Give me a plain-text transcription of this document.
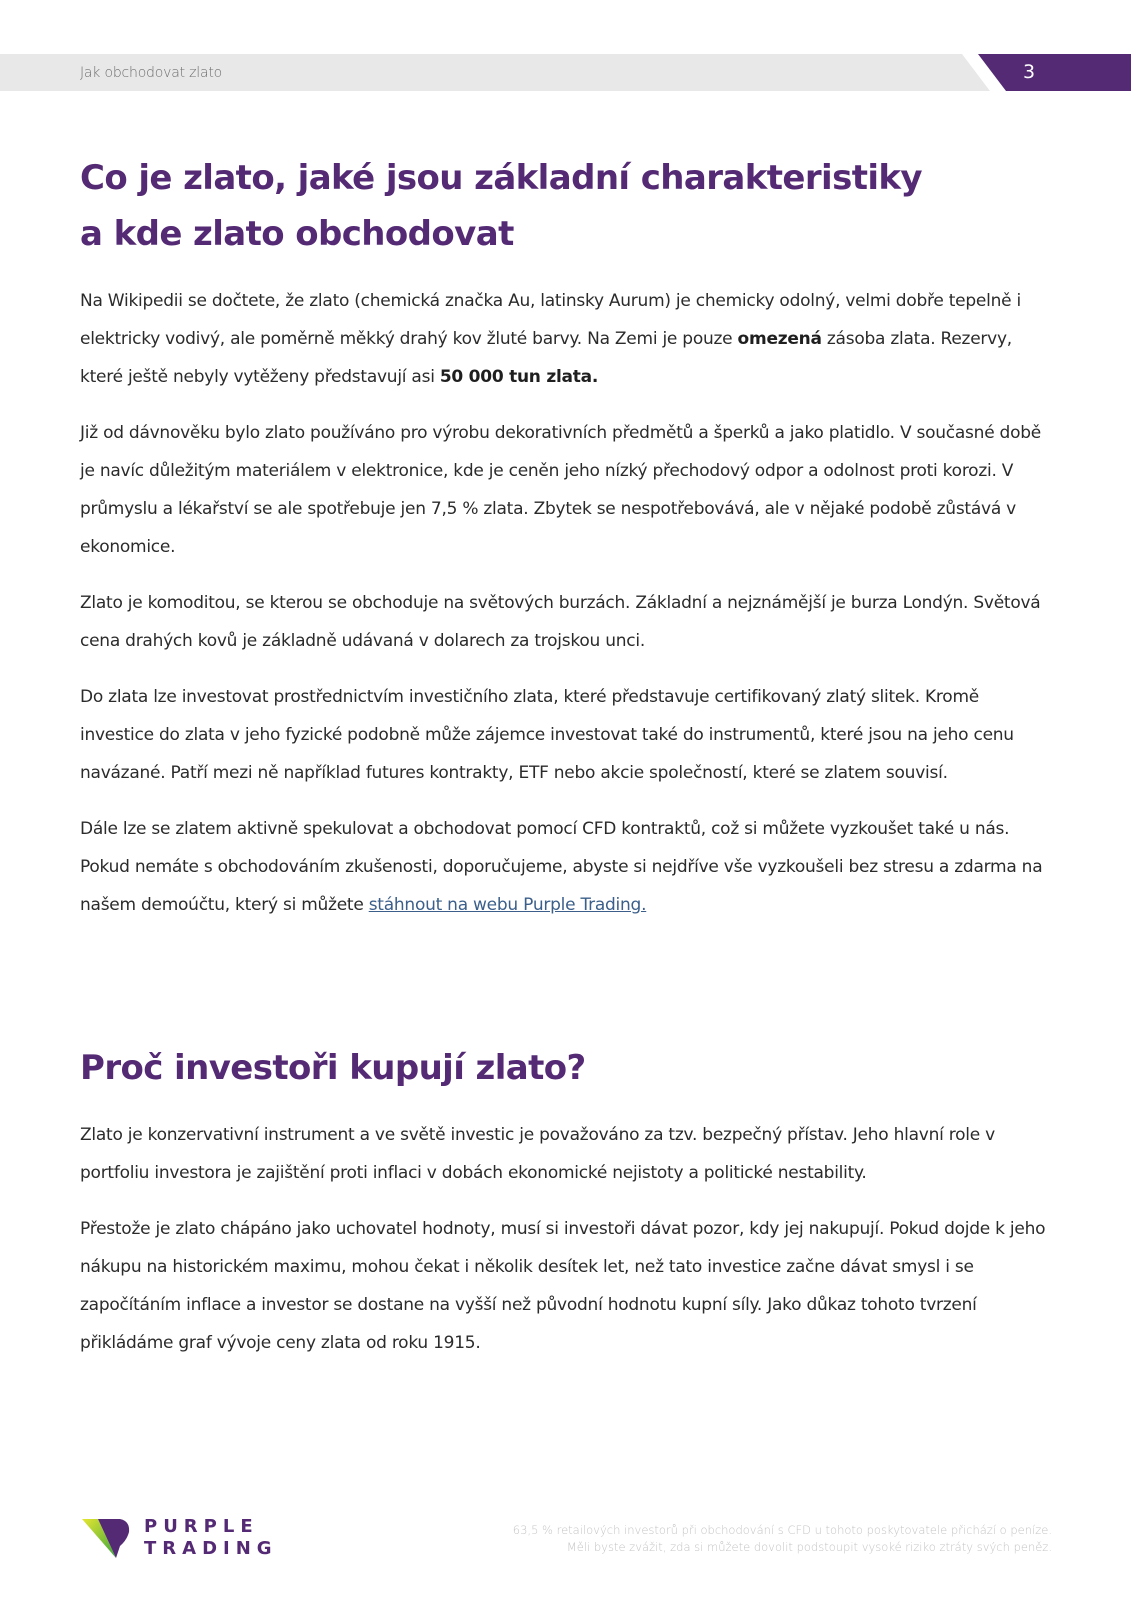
Jak obchodovat zlato	3
Co je zlato, jaké jsou základní charakteristiky
a kde zlato obchodovat

Na Wikipedii se dočtete, že zlato (chemická značka Au, latinsky Aurum) je chemicky odolný, velmi dobře tepelně i elektricky vodivý, ale poměrně měkký drahý kov žluté barvy. Na Zemi je pouze omezená zásoba zlata. Rezervy, které ještě nebyly vytěženy představují asi 50 000 tun zlata.

Již od dávnověku bylo zlato používáno pro výrobu dekorativních předmětů a šperků a jako platidlo. V současné době je navíc důležitým materiálem v elektronice, kde je ceněn jeho nízký přechodový odpor a odolnost proti korozi. V průmyslu a lékařství se ale spotřebuje jen 7,5 % zlata. Zbytek se nespotřebovává, ale v nějaké podobě zůstává v ekonomice.

Zlato je komoditou, se kterou se obchoduje na světových burzách. Základní a nejznámější je burza Londýn. Světová cena drahých kovů je základně udávaná v dolarech za trojskou unci.

Do zlata lze investovat prostřednictvím investičního zlata, které představuje certifikovaný zlatý slitek. Kromě investice do zlata v jeho fyzické podobně může zájemce investovat také do instrumentů, které jsou na jeho cenu navázané. Patří mezi ně například futures kontrakty, ETF nebo akcie společností, které se zlatem souvisí.

Dále lze se zlatem aktivně spekulovat a obchodovat pomocí CFD kontraktů, což si můžete vyzkoušet také u nás. Pokud nemáte s obchodováním zkušenosti, doporučujeme, abyste si nejdříve vše vyzkoušeli bez stresu a zdarma na našem demoúčtu, který si můžete stáhnout na webu Purple Trading.

Proč investoři kupují zlato?

Zlato je konzervativní instrument a ve světě investic je považováno za tzv. bezpečný přístav. Jeho hlavní role v portfoliu investora je zajištění proti inflaci v dobách ekonomické nejistoty a politické nestability.

Přestože je zlato chápáno jako uchovatel hodnoty, musí si investoři dávat pozor, kdy jej nakupují. Pokud dojde k jeho nákupu na historickém maximu, mohou čekat i několik desítek let, než tato investice začne dávat smysl i se započítáním inflace a investor se dostane na vyšší než původní hodnotu kupní síly. Jako důkaz tohoto tvrzení přikládáme graf vývoje ceny zlata od roku 1915.

PURPLE
TRADING
63,5 % retailových investorů při obchodování s CFD u tohoto poskytovatele přichází o peníze.
Měli byste zvážit, zda si můžete dovolit podstoupit vysoké riziko ztráty svých peněz.
